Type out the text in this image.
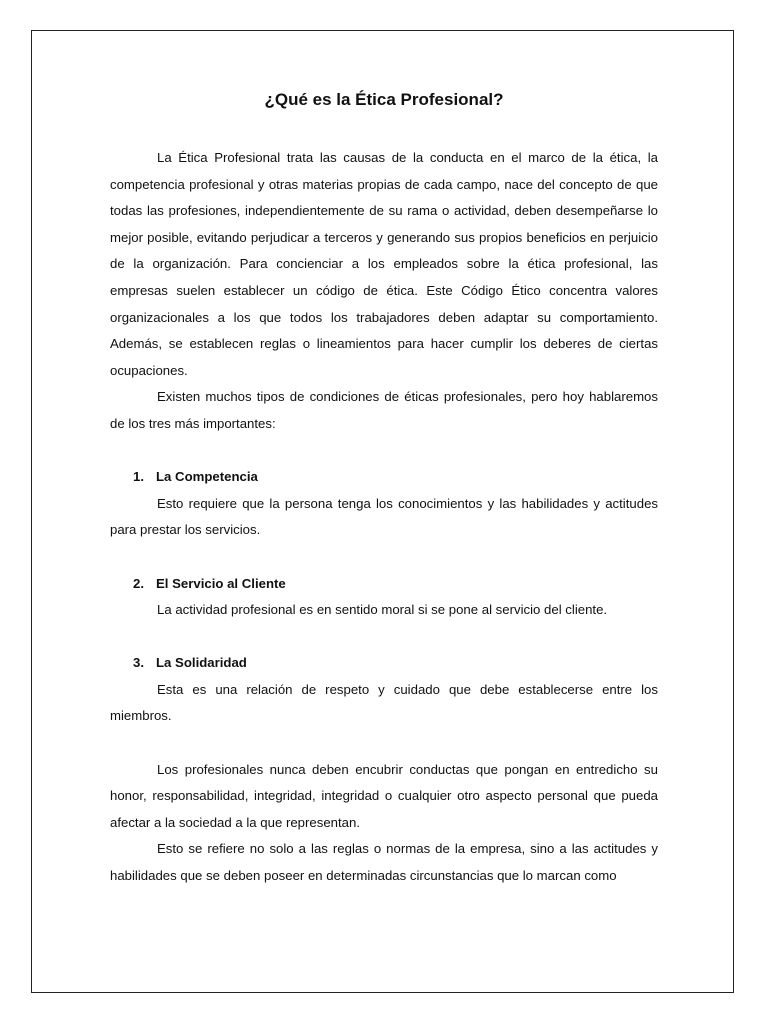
¿Qué es la Ética Profesional?

La Ética Profesional trata las causas de la conducta en el marco de la ética, la competencia profesional y otras materias propias de cada campo, nace del concepto de que todas las profesiones, independientemente de su rama o actividad, deben desempeñarse lo mejor posible, evitando perjudicar a terceros y generando sus propios beneficios en perjuicio de la organización. Para concienciar a los empleados sobre la ética profesional, las empresas suelen establecer un código de ética. Este Código Ético concentra valores organizacionales a los que todos los trabajadores deben adaptar su comportamiento. Además, se establecen reglas o lineamientos para hacer cumplir los deberes de ciertas ocupaciones.

Existen muchos tipos de condiciones de éticas profesionales, pero hoy hablaremos de los tres más importantes:

1. La Competencia

Esto requiere que la persona tenga los conocimientos y las habilidades y actitudes para prestar los servicios.

2. El Servicio al Cliente

La actividad profesional es en sentido moral si se pone al servicio del cliente.

3. La Solidaridad

Esta es una relación de respeto y cuidado que debe establecerse entre los miembros.

Los profesionales nunca deben encubrir conductas que pongan en entredicho su honor, responsabilidad, integridad, integridad o cualquier otro aspecto personal que pueda afectar a la sociedad a la que representan.

Esto se refiere no solo a las reglas o normas de la empresa, sino a las actitudes y habilidades que se deben poseer en determinadas circunstancias que lo marcan como
